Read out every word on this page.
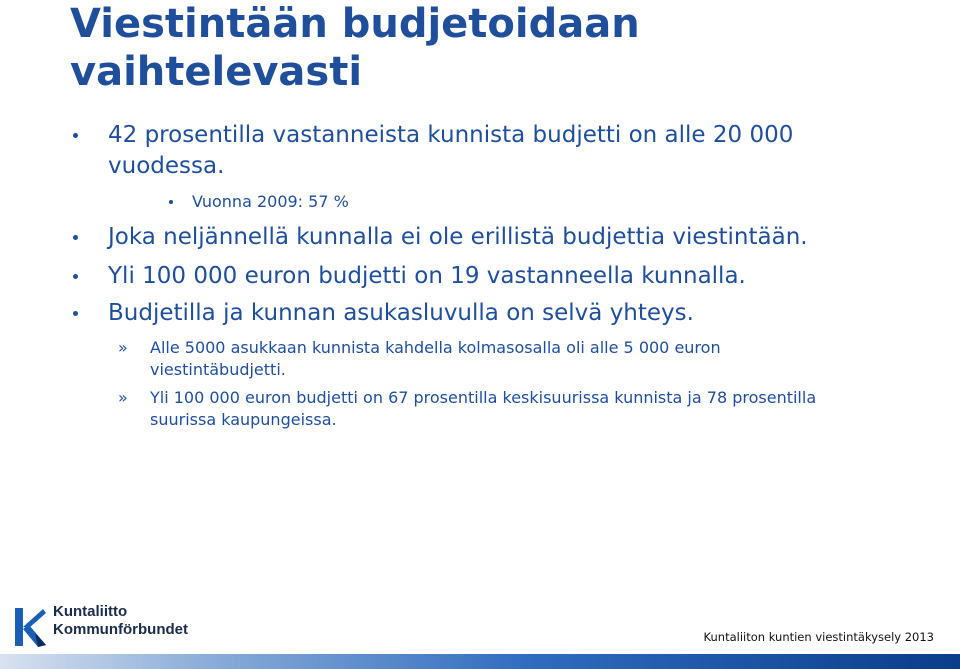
Viestintään budjetoidaan vaihtelevasti
42 prosentilla vastanneista kunnista budjetti on alle 20 000 vuodessa.
Vuonna 2009: 57 %
Joka neljännellä kunnalla ei ole erillistä budjettia viestintään.
Yli 100 000 euron budjetti on 19 vastanneella kunnalla.
Budjetilla ja kunnan asukasluvulla on selvä yhteys.
» Alle 5000 asukkaan kunnista kahdella kolmasosalla oli alle 5 000 euron viestintäbudjetti.
» Yli 100 000 euron budjetti on 67 prosentilla keskisuurissa kunnista ja 78 prosentilla suurissa kaupungeissa.
Kuntaliitto
Kommunförbundet	Kuntaliiton kuntien viestintäkysely 2013
